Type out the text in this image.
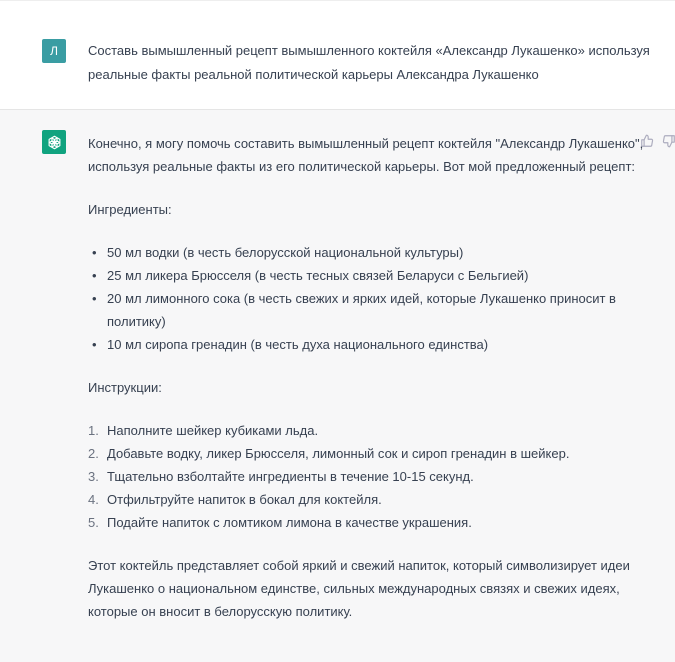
Л	Составь вымышленный рецепт вымышленного коктейля «Александр Лукашенко» используя реальные факты реальной политической карьеры Александра Лукашенко

Конечно, я могу помочь составить вымышленный рецепт коктейля "Александр Лукашенко", используя реальные факты из его политической карьеры. Вот мой предложенный рецепт:

Ингредиенты:

• 50 мл водки (в честь белорусской национальной культуры)
• 25 мл ликера Брюсселя (в честь тесных связей Беларуси с Бельгией)
• 20 мл лимонного сока (в честь свежих и ярких идей, которые Лукашенко приносит в политику)
• 10 мл сиропа гренадин (в честь духа национального единства)

Инструкции:

1. Наполните шейкер кубиками льда.
2. Добавьте водку, ликер Брюсселя, лимонный сок и сироп гренадин в шейкер.
3. Тщательно взболтайте ингредиенты в течение 10-15 секунд.
4. Отфильтруйте напиток в бокал для коктейля.
5. Подайте напиток с ломтиком лимона в качестве украшения.

Этот коктейль представляет собой яркий и свежий напиток, который символизирует идеи Лукашенко о национальном единстве, сильных международных связях и свежих идеях, которые он вносит в белорусскую политику.
